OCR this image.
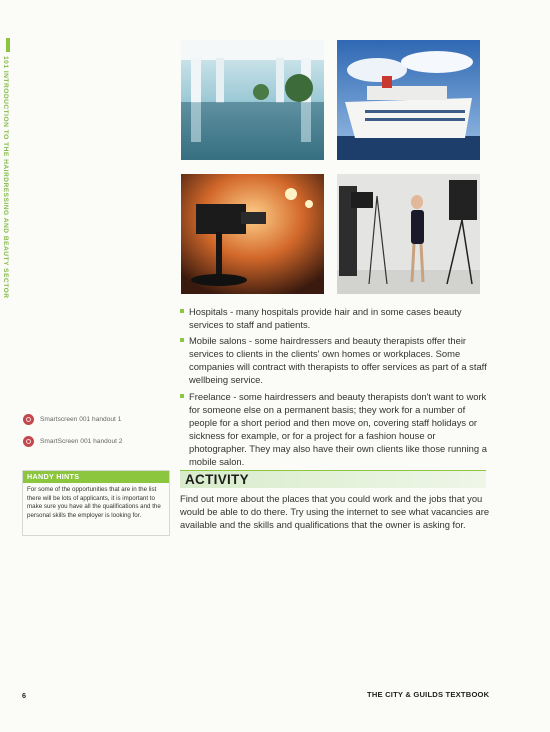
101 INTRODUCTION TO THE HAIRDRESSING AND BEAUTY SECTOR
Hospitals - many hospitals provide hair and in some cases beauty services to staff and patients.
Mobile salons - some hairdressers and beauty therapists offer their services to clients in the clients' own homes or workplaces. Some companies will contract with therapists to offer services as part of a staff wellbeing service.
Freelance - some hairdressers and beauty therapists don't want to work for someone else on a permanent basis; they work for a number of people for a short period and then move on, covering staff holidays or sickness for example, or for a project for a fashion house or photographer. They may also have their own clients like those running a mobile salon.
Smartscreen 001 handout 1
SmartScreen 001 handout 2
HANDY HINTS
For some of the opportunities that are in the list there will be lots of applicants, it is important to make sure you have all the qualifications and the personal skills the employer is looking for.
ACTIVITY
Find out more about the places that you could work and the jobs that you would be able to do there. Try using the internet to see what vacancies are available and the skills and qualifications that the owner is asking for.
6	THE CITY & GUILDS TEXTBOOK
